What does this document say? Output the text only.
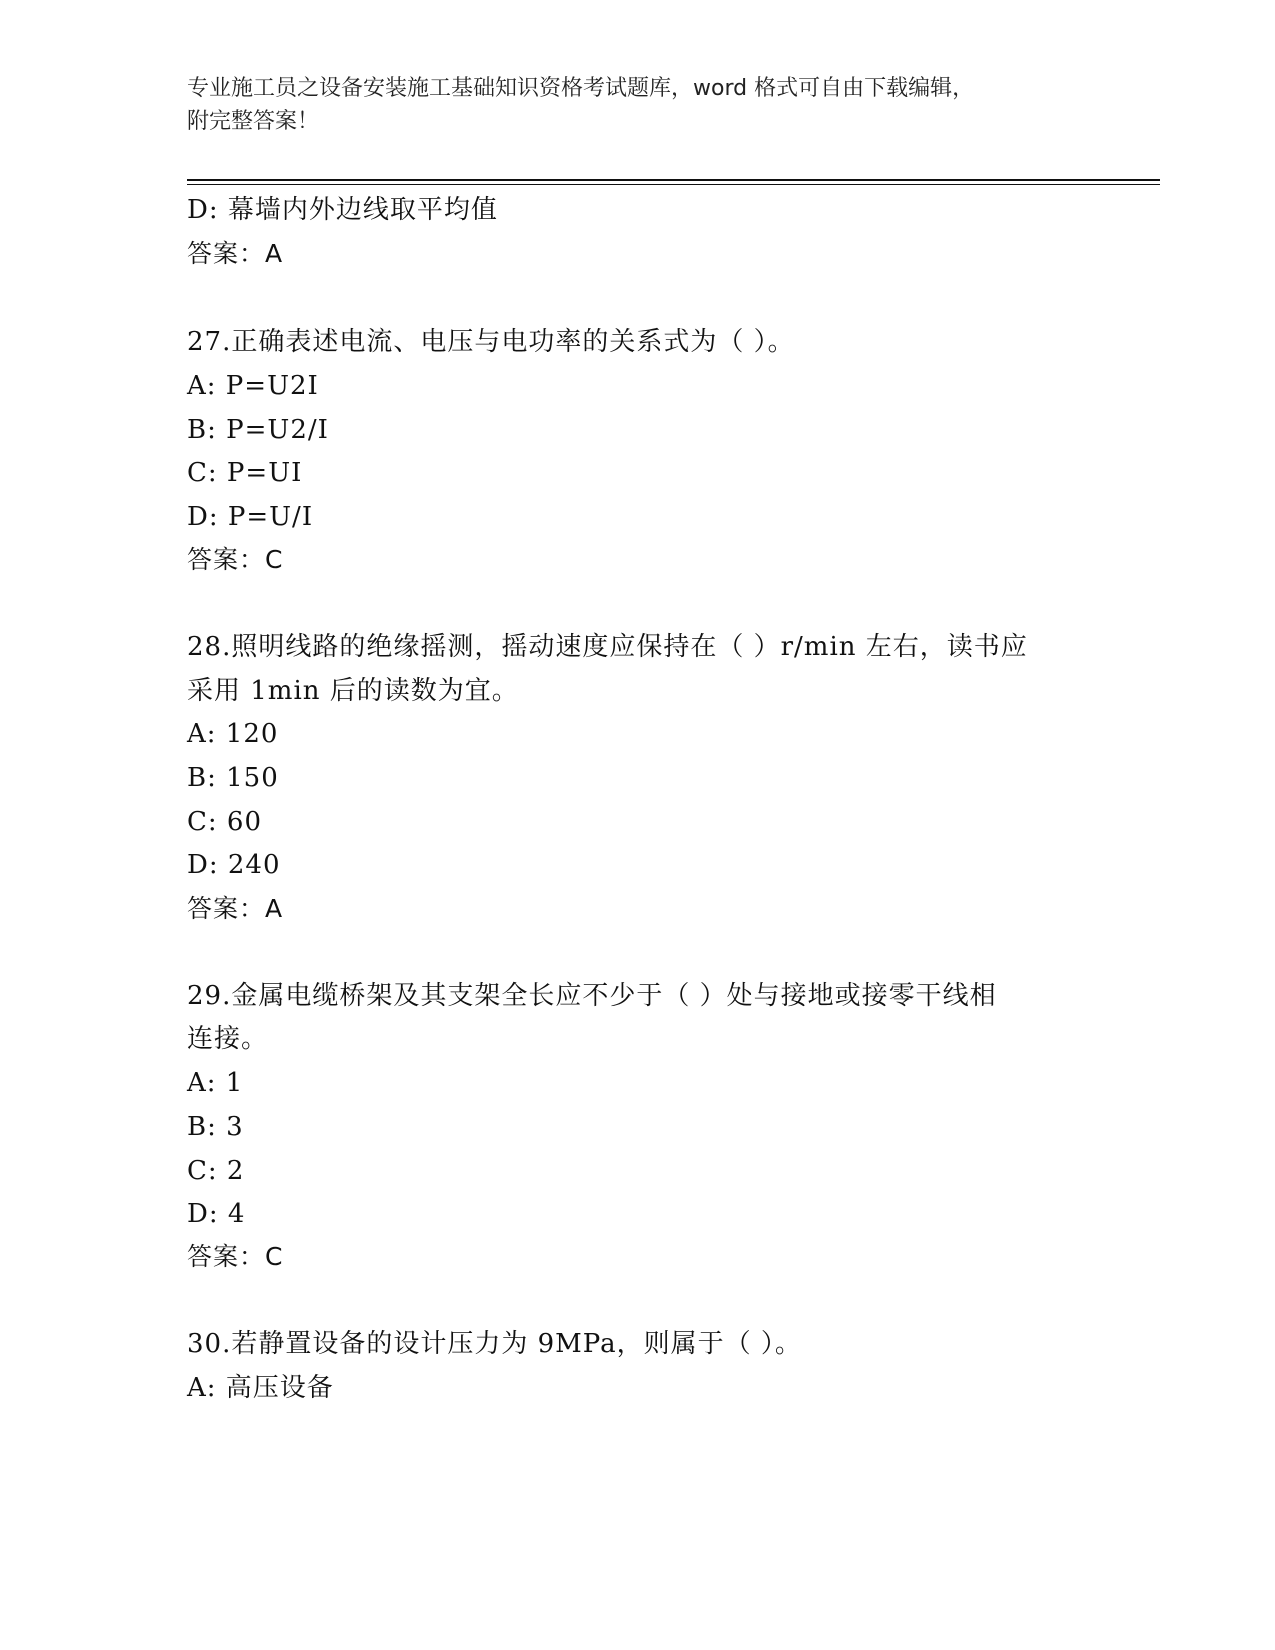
专业施工员之设备安装施工基础知识资格考试题库，word 格式可自由下载编辑，
附完整答案！
D: 幕墙内外边线取平均值
答案：A
27.正确表述电流、电压与电功率的关系式为（ ）。
A: P=U2I
B: P=U2/I
C: P=UI
D: P=U/I
答案：C
28.照明线路的绝缘摇测，摇动速度应保持在（ ）r/min 左右，读书应
采用 1min 后的读数为宜。
A: 120
B: 150
C: 60
D: 240
答案：A
29.金属电缆桥架及其支架全长应不少于（ ）处与接地或接零干线相
连接。
A: 1
B: 3
C: 2
D: 4
答案：C
30.若静置设备的设计压力为 9MPa，则属于（ ）。
A: 高压设备
